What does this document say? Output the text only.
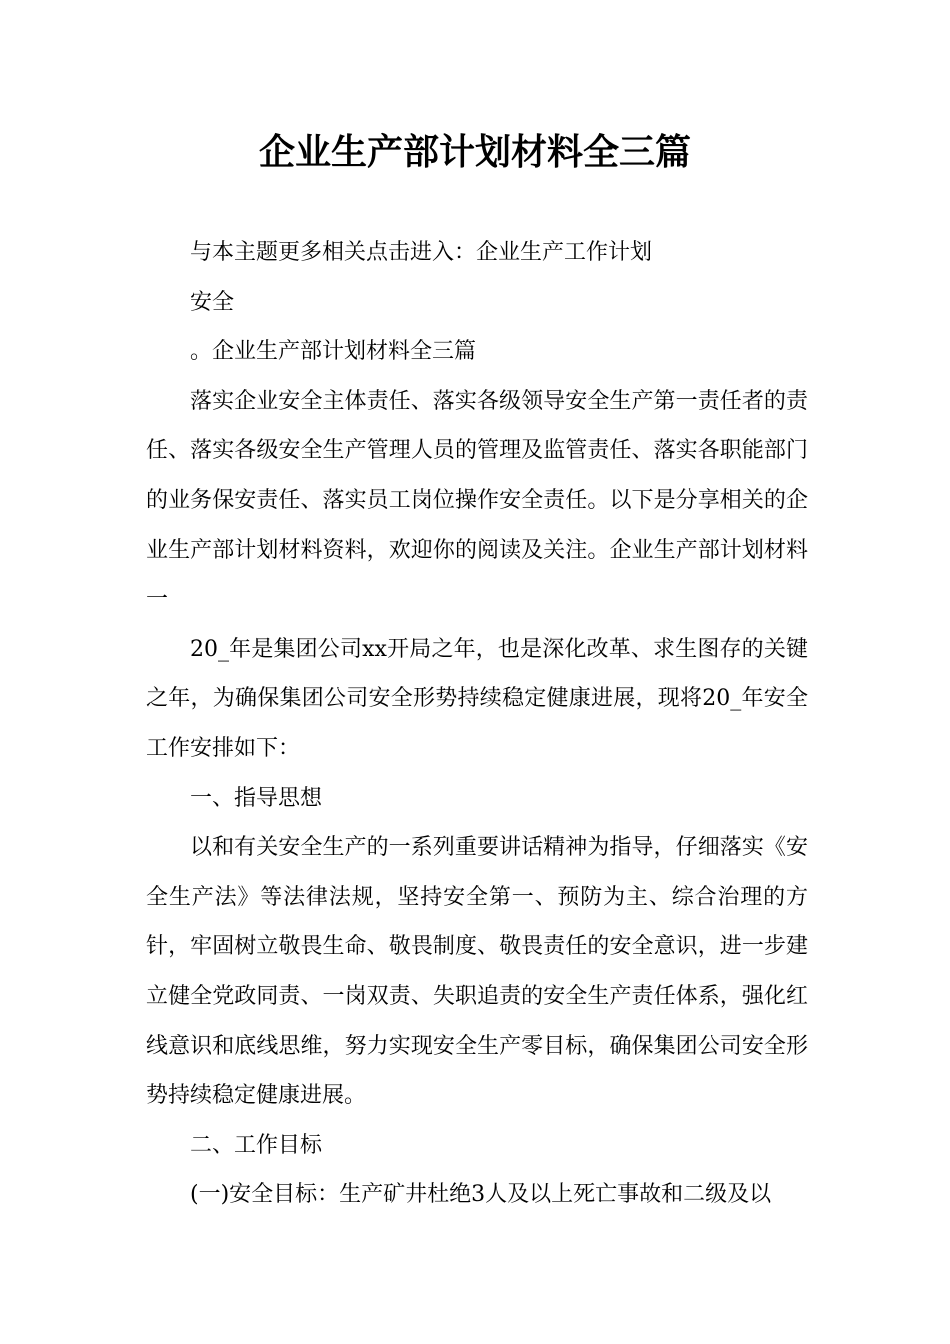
企业生产部计划材料全三篇

与本主题更多相关点击进入：企业生产工作计划

安全

。企业生产部计划材料全三篇

落实企业安全主体责任、落实各级领导安全生产第一责任者的责任、落实各级安全生产管理人员的管理及监管责任、落实各职能部门的业务保安责任、落实员工岗位操作安全责任。以下是分享相关的企业生产部计划材料资料，欢迎你的阅读及关注。企业生产部计划材料一

20_年是集团公司xx开局之年，也是深化改革、求生图存的关键之年，为确保集团公司安全形势持续稳定健康进展，现将20_年安全工作安排如下：

一、指导思想

以和有关安全生产的一系列重要讲话精神为指导，仔细落实《安全生产法》等法律法规，坚持安全第一、预防为主、综合治理的方针，牢固树立敬畏生命、敬畏制度、敬畏责任的安全意识，进一步建立健全党政同责、一岗双责、失职追责的安全生产责任体系，强化红线意识和底线思维，努力实现安全生产零目标，确保集团公司安全形势持续稳定健康进展。

二、工作目标

(一)安全目标：生产矿井杜绝3人及以上死亡事故和二级及以
